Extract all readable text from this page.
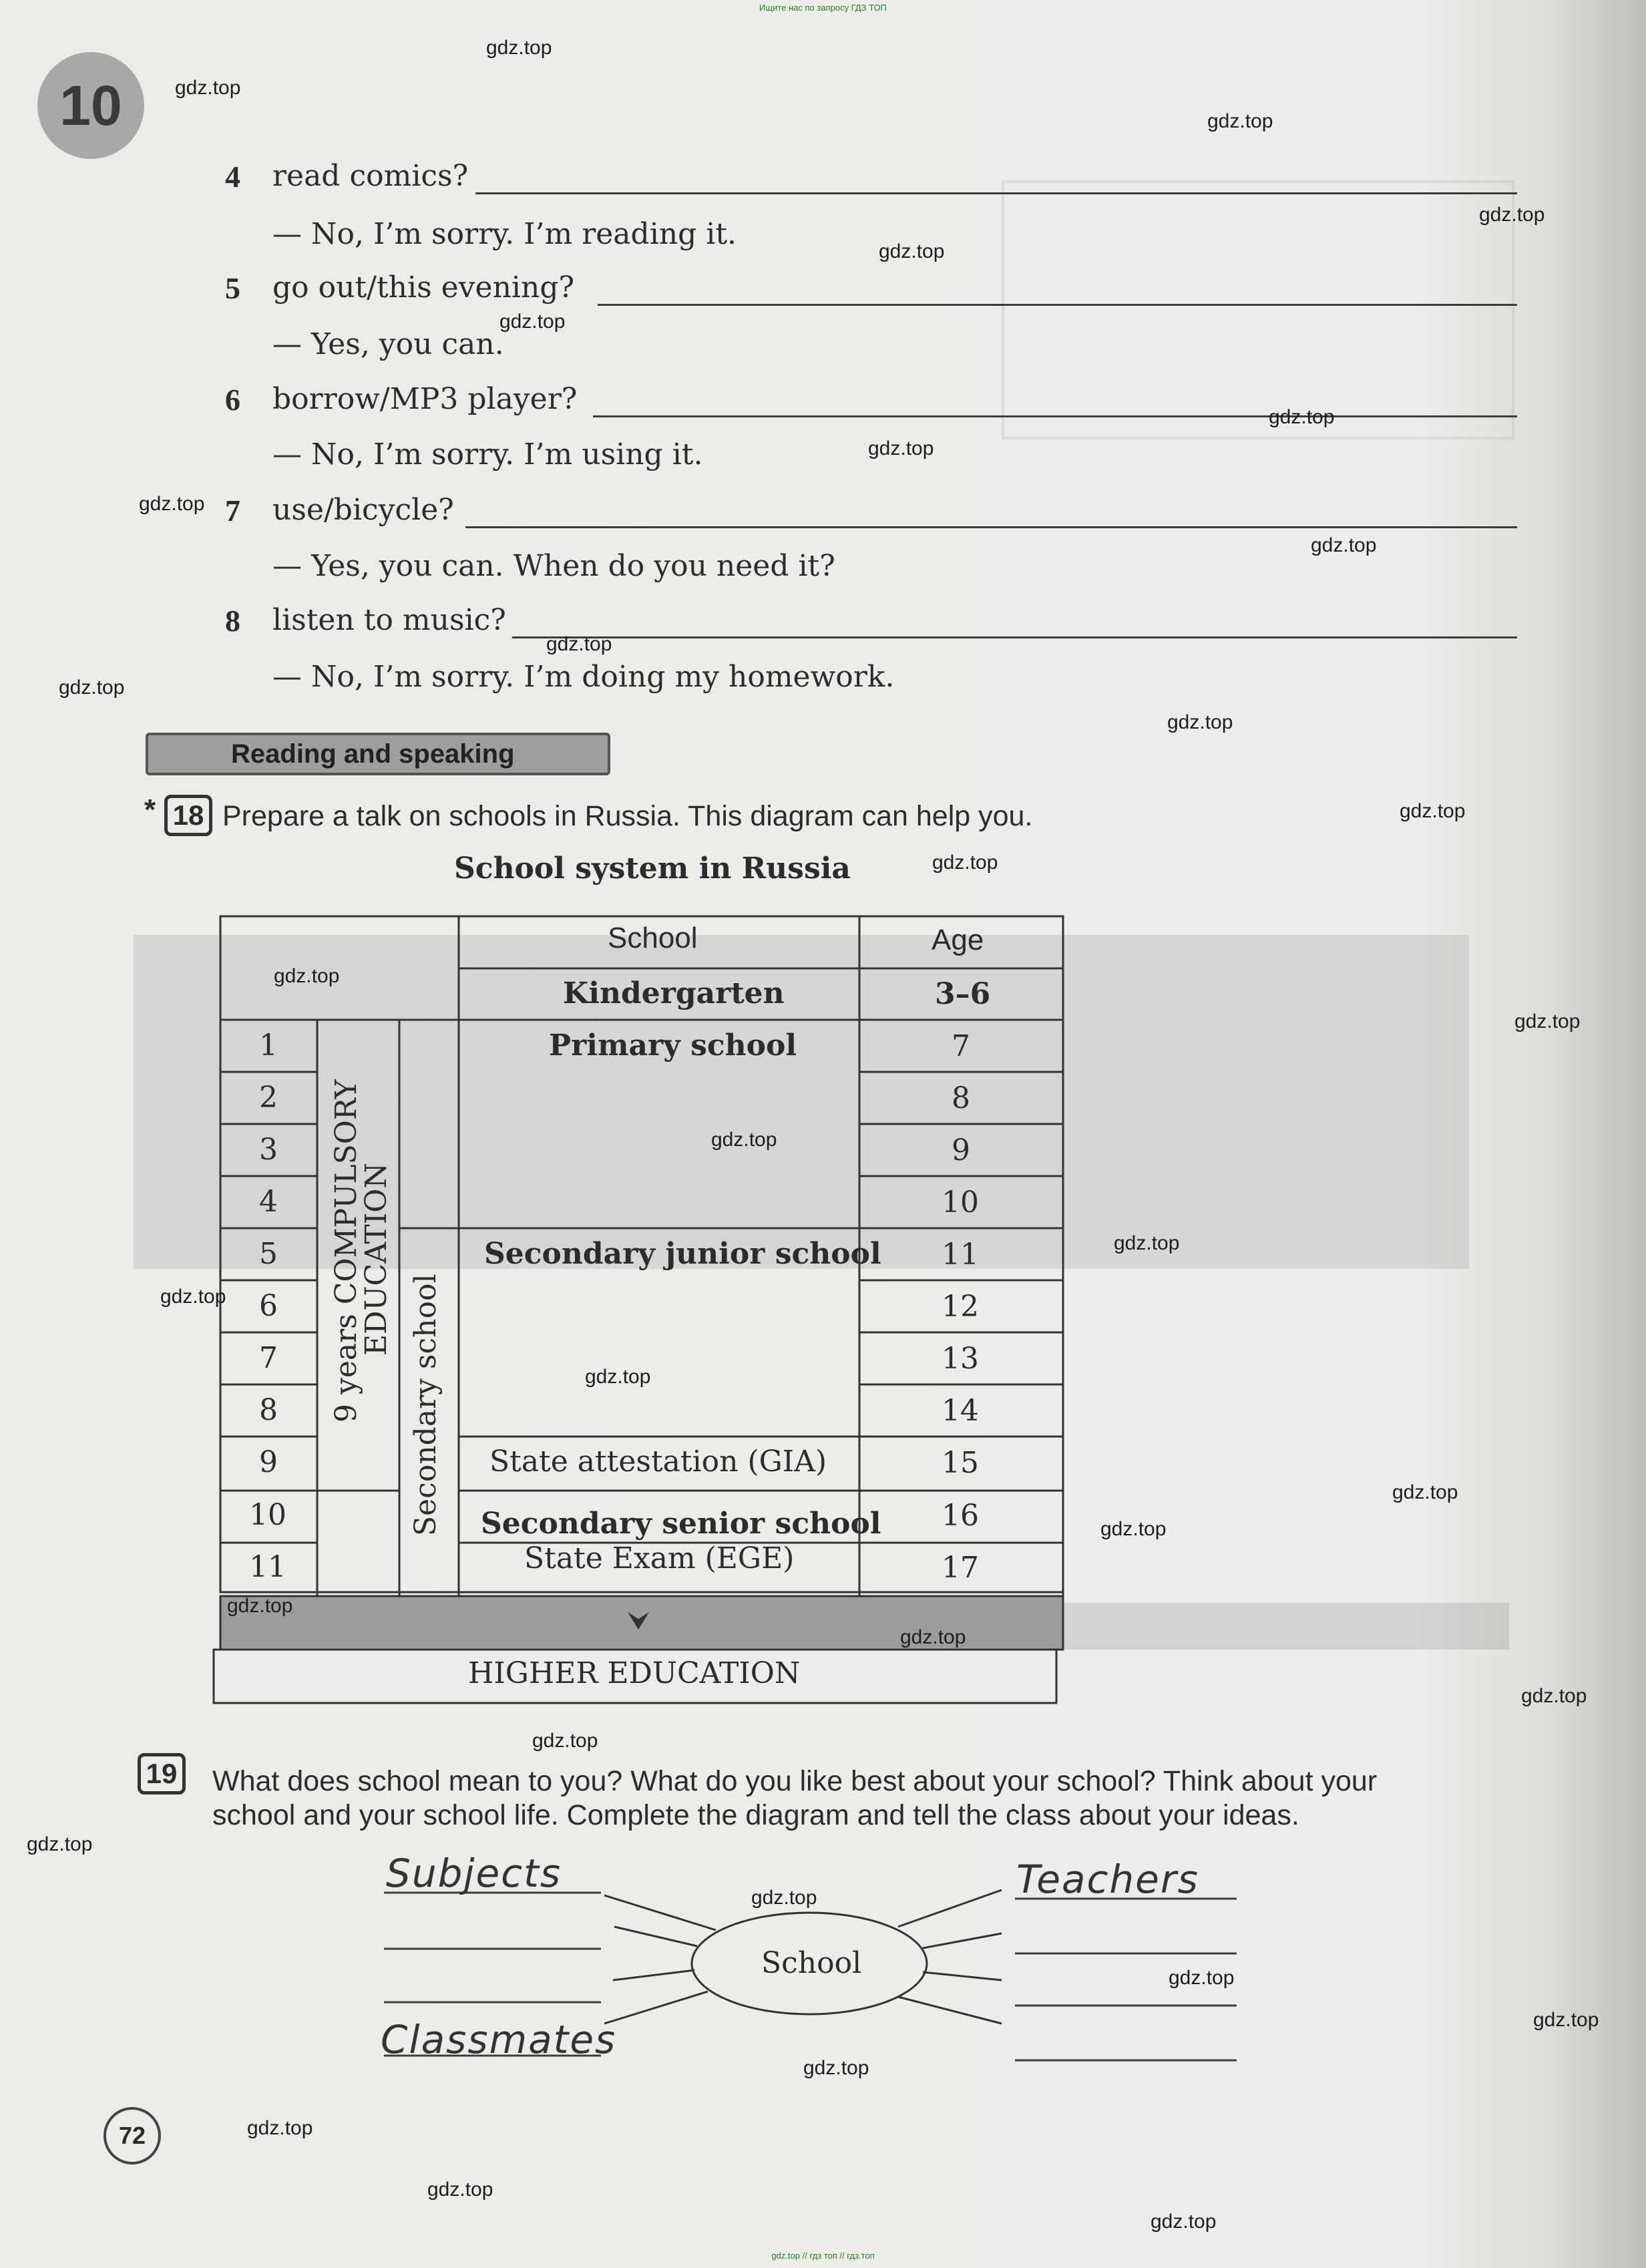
Ищите нас по запросу ГДЗ ТОП
10
4 read comics?
— No, I’m sorry. I’m reading it.
5 go out/this evening?
— Yes, you can.
6 borrow/MP3 player?
— No, I’m sorry. I’m using it.
7 use/bicycle?
— Yes, you can. When do you need it?
8 listen to music?
— No, I’m sorry. I’m doing my homework.
Reading and speaking
* 18 Prepare a talk on schools in Russia. This diagram can help you.
School system in Russia
School	Age
Kindergarten
Primary school
Secondary junior school
State attestation (GIA)
Secondary senior school
State Exam (EGE)
HIGHER EDUCATION
9 years COMPULSORY
EDUCATION
Secondary school
1
2
3
4
5
6
7
8
9
10
11
3–6
7
8
9
10
11
12
13
14
15
16
17
19 What does school mean to you? What do you like best about your school? Think about your
school and your school life. Complete the diagram and tell the class about your ideas.
School
Subjects
Classmates
Teachers
72
gdz.top
gdz.top
gdz.top
gdz.top
gdz.top
gdz.top
gdz.top
gdz.top
gdz.top
gdz.top
gdz.top
gdz.top
gdz.top
gdz.top
gdz.top
gdz.top
gdz.top
gdz.top
gdz.top
gdz.top
gdz.top
gdz.top
gdz.top
gdz.top
gdz.top
gdz.top
gdz.top
gdz.top
gdz.top
gdz.top
gdz.top
gdz.top
gdz.top
gdz.top
gdz.top
gdz.top // гдз топ // гдз.топ
